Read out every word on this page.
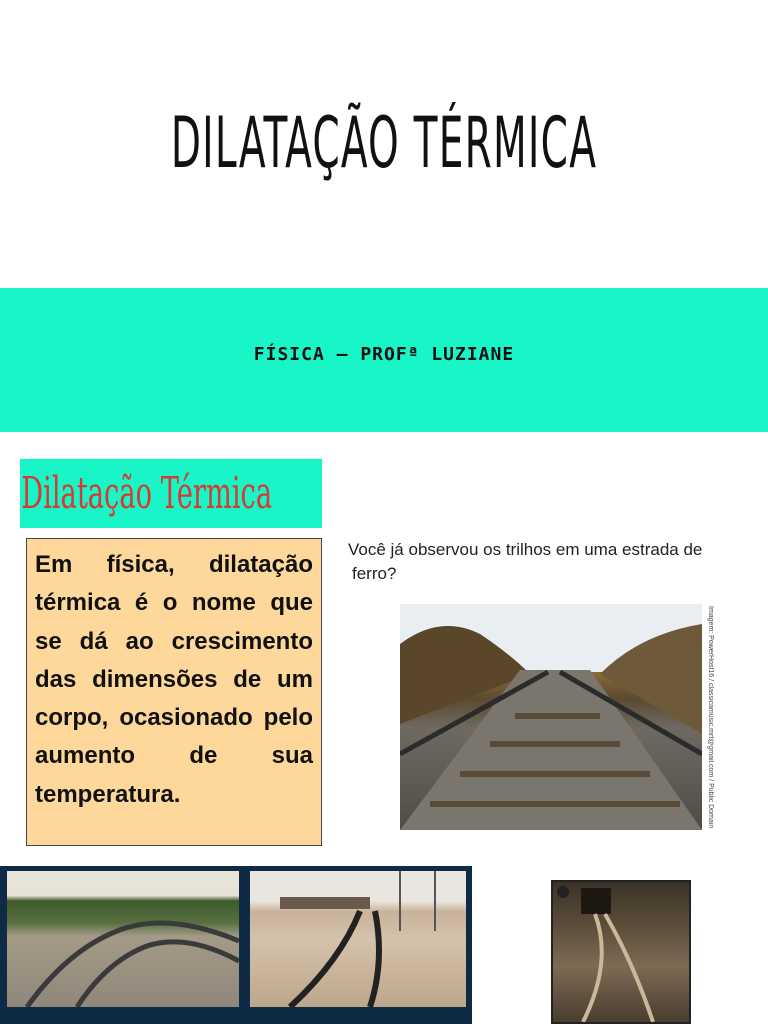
DILATAÇÃO TÉRMICA
FÍSICA – PROFª LUZIANE
Dilatação Térmica
Em física, dilatação térmica é o nome que se dá ao crescimento das dimensões de um corpo, ocasionado pelo aumento de sua temperatura.
Você já observou os trilhos em uma estrada de
ferro?
Imagem: PowerHost16 / classicamusic.mrt@gmail.com / Public Domain
